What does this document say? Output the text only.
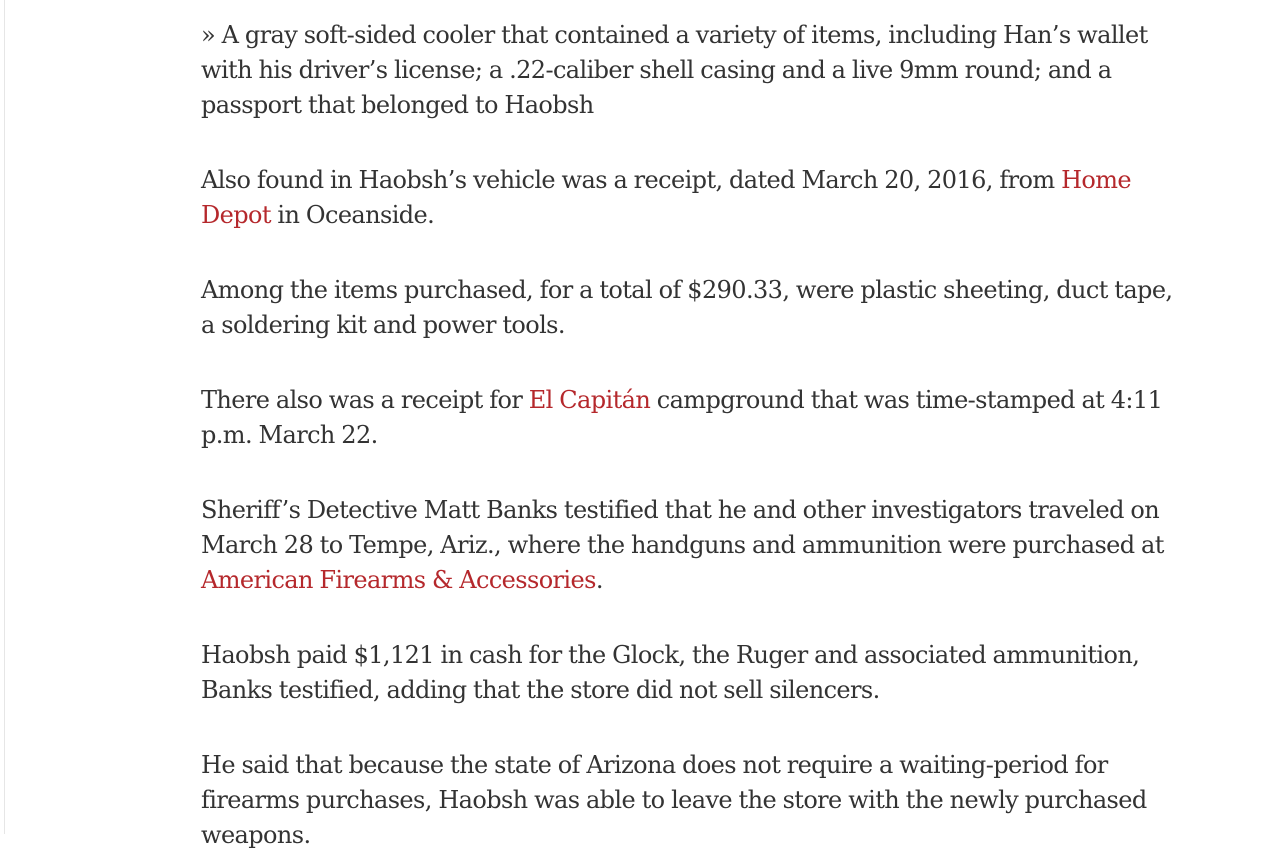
» A gray soft-sided cooler that contained a variety of items, including Han’s wallet with his driver’s license; a .22-caliber shell casing and a live 9mm round; and a passport that belonged to Haobsh

Also found in Haobsh’s vehicle was a receipt, dated March 20, 2016, from Home Depot in Oceanside.

Among the items purchased, for a total of $290.33, were plastic sheeting, duct tape, a soldering kit and power tools.

There also was a receipt for El Capitán campground that was time-stamped at 4:11 p.m. March 22.

Sheriff’s Detective Matt Banks testified that he and other investigators traveled on March 28 to Tempe, Ariz., where the handguns and ammunition were purchased at American Firearms & Accessories.

Haobsh paid $1,121 in cash for the Glock, the Ruger and associated ammunition, Banks testified, adding that the store did not sell silencers.

He said that because the state of Arizona does not require a waiting-period for firearms purchases, Haobsh was able to leave the store with the newly purchased weapons.
